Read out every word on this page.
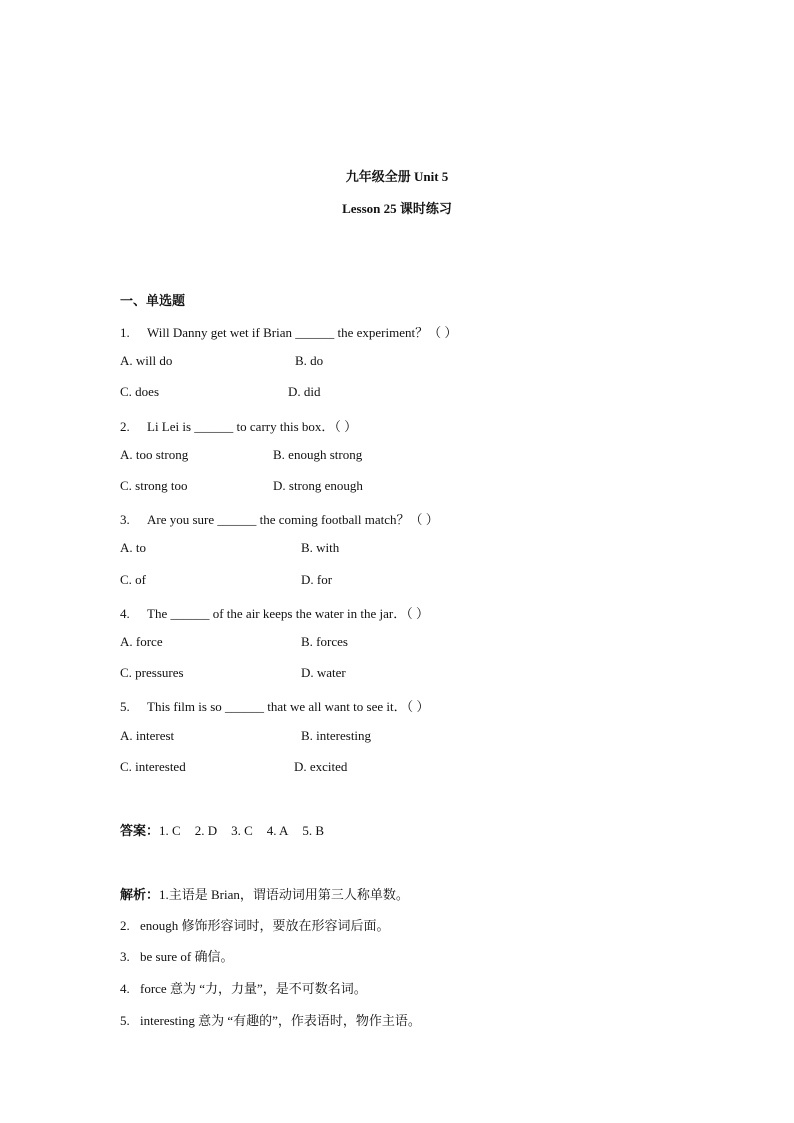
九年级全册 Unit 5
Lesson 25 课时练习
一、单选题
1. Will Danny get wet if Brian ______ the experiment？（ ）
A. will do	B. do
C. does	D. did
2. Li Lei is ______ to carry this box．（ ）
A. too strong	B. enough strong
C. strong too	D. strong enough
3. Are you sure ______ the coming football match？（ ）
A. to	B. with
C. of	D. for
4. The ______ of the air keeps the water in the jar．（ ）
A. force	B. forces
C. pressures	D. water
5. This film is so ______ that we all want to see it．（ ）
A. interest	B. interesting
C. interested	D. excited
答案：1. C 2. D 3. C 4. A 5. B
解析：1.主语是 Brian，谓语动词用第三人称单数。
2. enough 修饰形容词时，要放在形容词后面。
3. be sure of 确信。
4. force 意为 “力，力量”，是不可数名词。
5. interesting 意为 “有趣的”，作表语时，物作主语。
